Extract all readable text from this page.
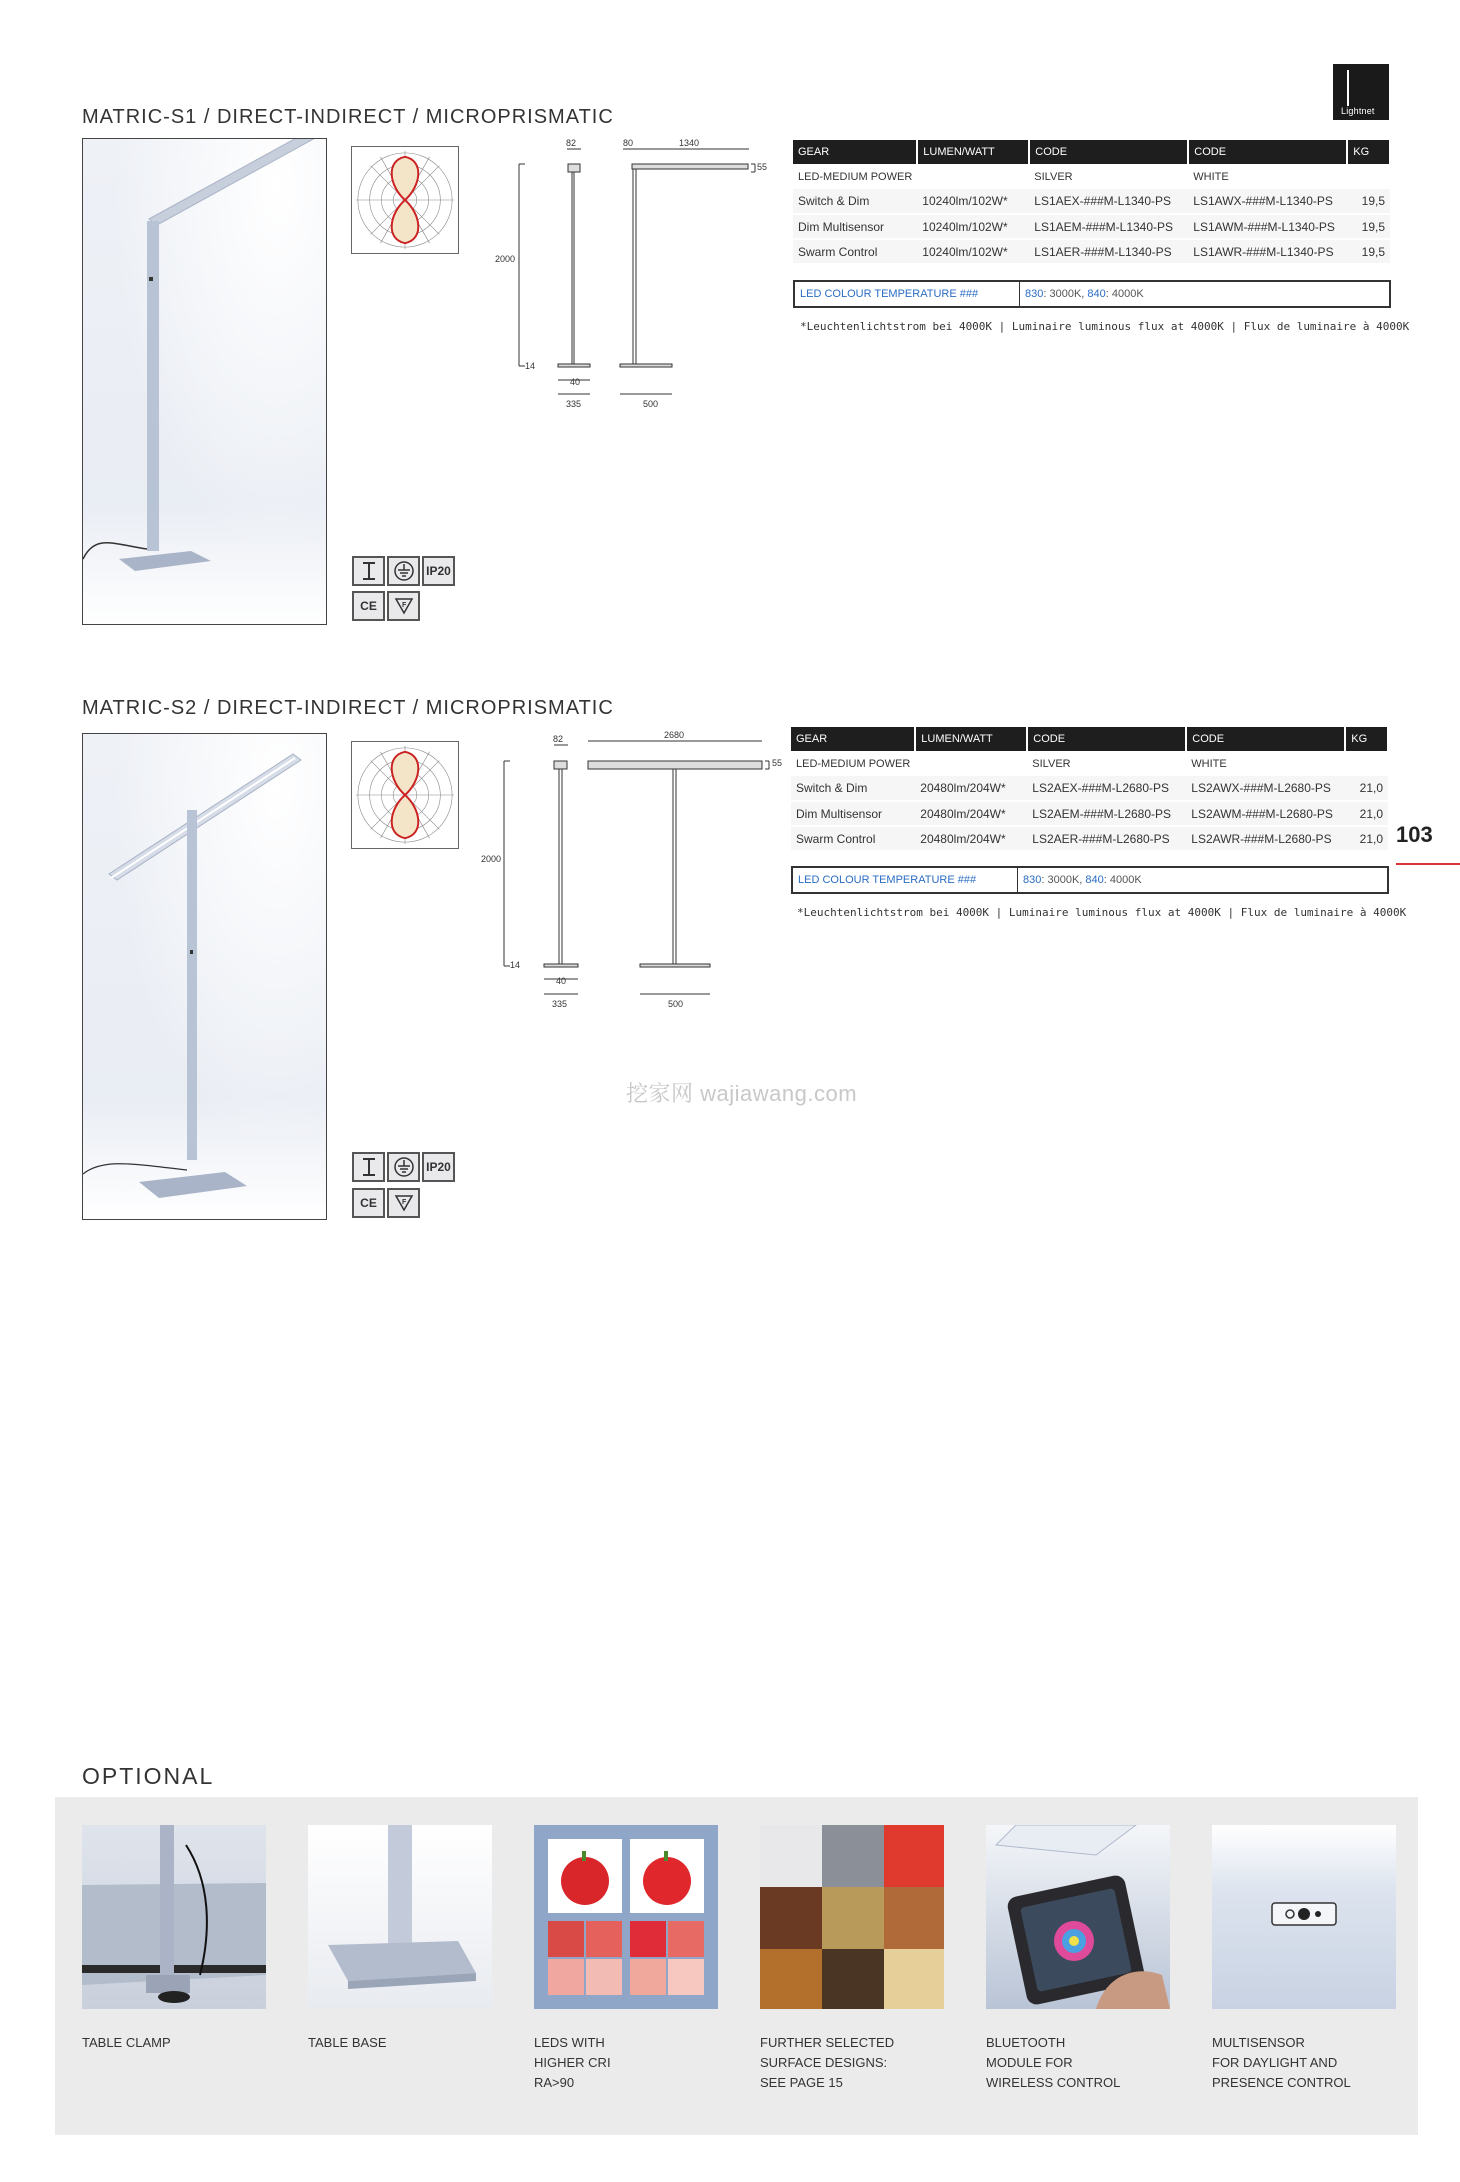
Lightnet
MATRIC-S1 / DIRECT-INDIRECT / MICROPRISMATIC
82	80	1340
55
2000
14
40
335	500
IP20
CE	F
GEAR	LUMEN/WATT	CODE	CODE	KG
LED-MEDIUM POWER		SILVER	WHITE	
Switch & Dim	10240lm/102W*	LS1AEX-###M-L1340-PS	LS1AWX-###M-L1340-PS	19,5
Dim Multisensor	10240lm/102W*	LS1AEM-###M-L1340-PS	LS1AWM-###M-L1340-PS	19,5
Swarm Control	10240lm/102W*	LS1AER-###M-L1340-PS	LS1AWR-###M-L1340-PS	19,5
LED COLOUR TEMPERATURE ###	830: 3000K, 840: 4000K
*Leuchtenlichtstrom bei 4000K | Luminaire luminous flux at 4000K | Flux de luminaire à 4000K
MATRIC-S2 / DIRECT-INDIRECT / MICROPRISMATIC
82	2680
55
2000
14
40
335	500
IP20
CE	F
GEAR	LUMEN/WATT	CODE	CODE	KG
LED-MEDIUM POWER		SILVER	WHITE	
Switch & Dim	20480lm/204W*	LS2AEX-###M-L2680-PS	LS2AWX-###M-L2680-PS	21,0
Dim Multisensor	20480lm/204W*	LS2AEM-###M-L2680-PS	LS2AWM-###M-L2680-PS	21,0
Swarm Control	20480lm/204W*	LS2AER-###M-L2680-PS	LS2AWR-###M-L2680-PS	21,0
LED COLOUR TEMPERATURE ###	830: 3000K, 840: 4000K
*Leuchtenlichtstrom bei 4000K | Luminaire luminous flux at 4000K | Flux de luminaire à 4000K
103
挖家网 wajiawang.com
OPTIONAL
TABLE CLAMP	TABLE BASE	LEDS WITH
HIGHER CRI
RA>90
FURTHER SELECTED
SURFACE DESIGNS:
SEE PAGE 15
BLUETOOTH
MODULE FOR
WIRELESS CONTROL
MULTISENSOR
FOR DAYLIGHT AND
PRESENCE CONTROL
